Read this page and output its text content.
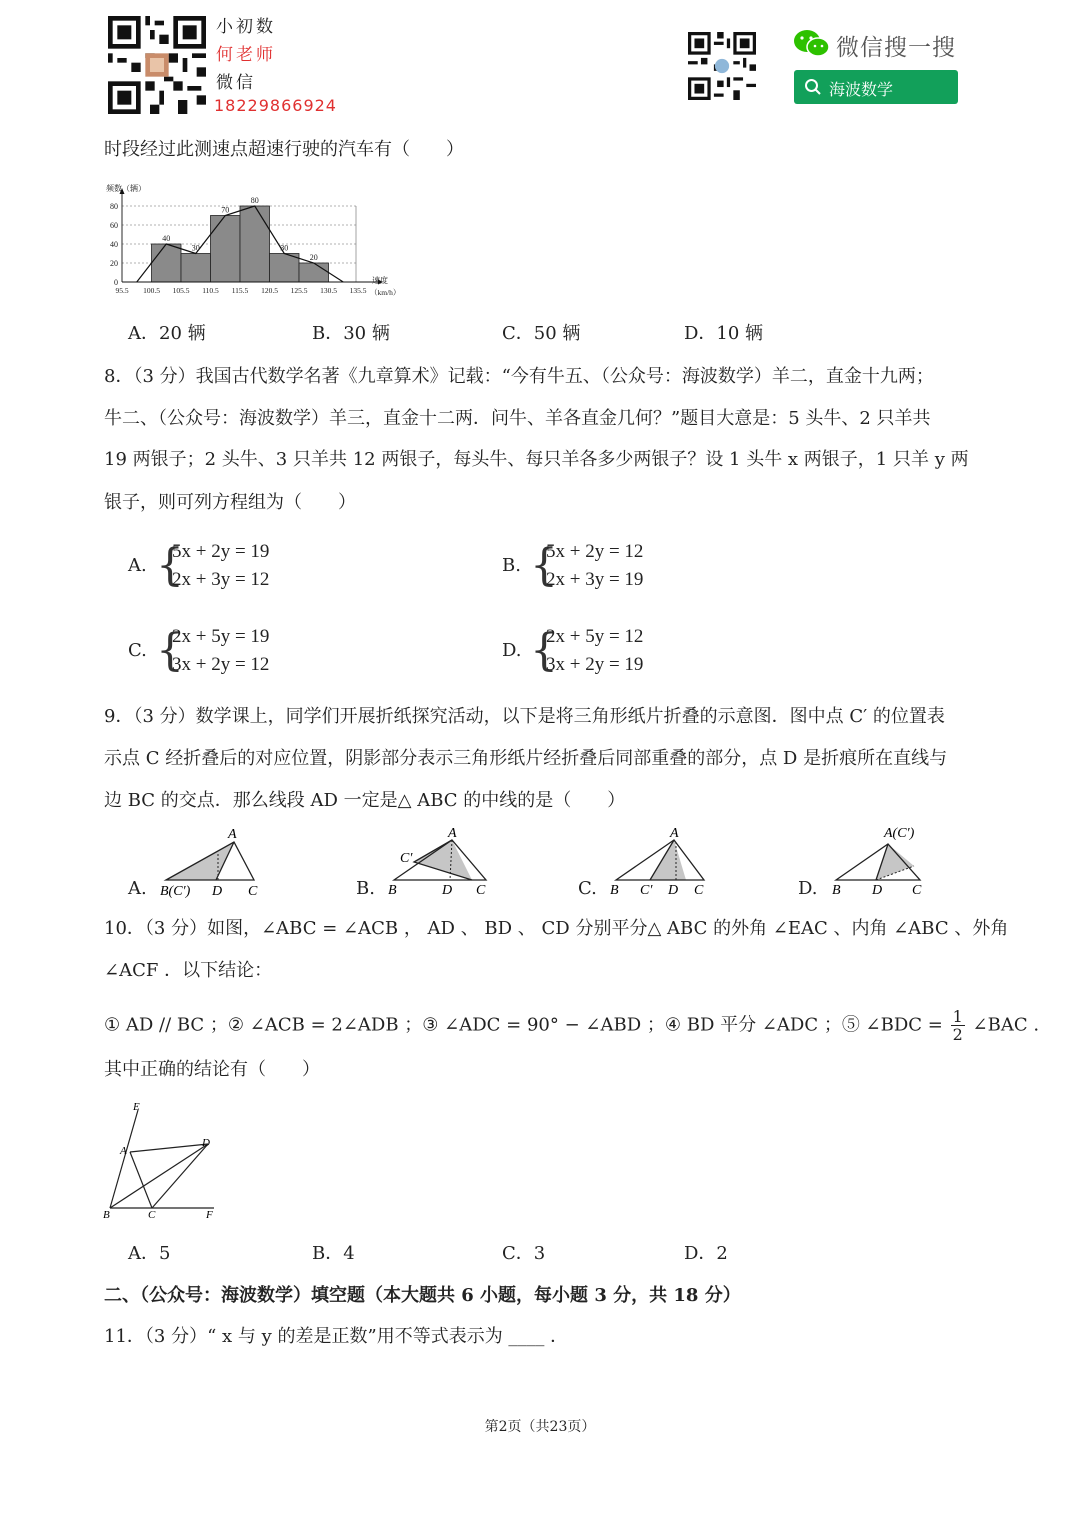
小初数
何老师
微信
18229866924
微信搜一搜
海波数学
时段经过此测速点超速行驶的汽车有（　　）
0
20
40
60
80
40
30
70
80
30
20
95.5 100.5 105.5 110.5 115.5 120.5 125.5 130.5 135.5
频数（辆）
速度
（km/h）
A．20 辆	B．30 辆	C．50 辆	D．10 辆
8．（3 分）我国古代数学名著《九章算术》记载：“今有牛五、（公众号：海波数学）羊二，直金十九两；
牛二、（公众号：海波数学）羊三，直金十二两．问牛、羊各直金几何？”题目大意是：5 头牛、2 只羊共
19 两银子；2 头牛、3 只羊共 12 两银子，每头牛、每只羊各多少两银子？设 1 头牛 x 两银子，1 只羊 y 两
银子，则可列方程组为（　　）
A. {
5x + 2y = 19
2x + 3y = 12
B. {
5x + 2y = 12
2x + 3y = 19
C. {
2x + 5y = 19
3x + 2y = 12
D. {
2x + 5y = 12
3x + 2y = 19
9．（3 分）数学课上，同学们开展折纸探究活动，以下是将三角形纸片折叠的示意图．图中点 C′ 的位置表
示点 C 经折叠后的对应位置，阴影部分表示三角形纸片经折叠后同部重叠的部分，点 D 是折痕所在直线与
边 BC 的交点．那么线段 AD 一定是△ ABC 的中线的是（　　）
A.
A
B(C′) D C	B.
A
C′
B	D C	C.
A
B C′ D C	D.
A(C′)
B D C
10．（3 分）如图，∠ABC = ∠ACB ， AD 、 BD 、 CD 分别平分△ ABC 的外角 ∠EAC 、内角 ∠ABC 、外角
∠ACF ．以下结论：
① AD // BC ；② ∠ACB = 2∠ADB ；③ ∠ADC = 90° − ∠ABD ；④ BD 平分 ∠ADC ；⑤ ∠BDC = $\frac{1}{2}$ ∠BAC .
其中正确的结论有（　　）
E
A
D
B	C	F
A．5	B．4	C．3	D．2
二、（公众号：海波数学）填空题（本大题共 6 小题，每小题 3 分，共 18 分）
11．（3 分）“ x 与 y 的差是正数”用不等式表示为 ____ ．
第2页（共23页）
